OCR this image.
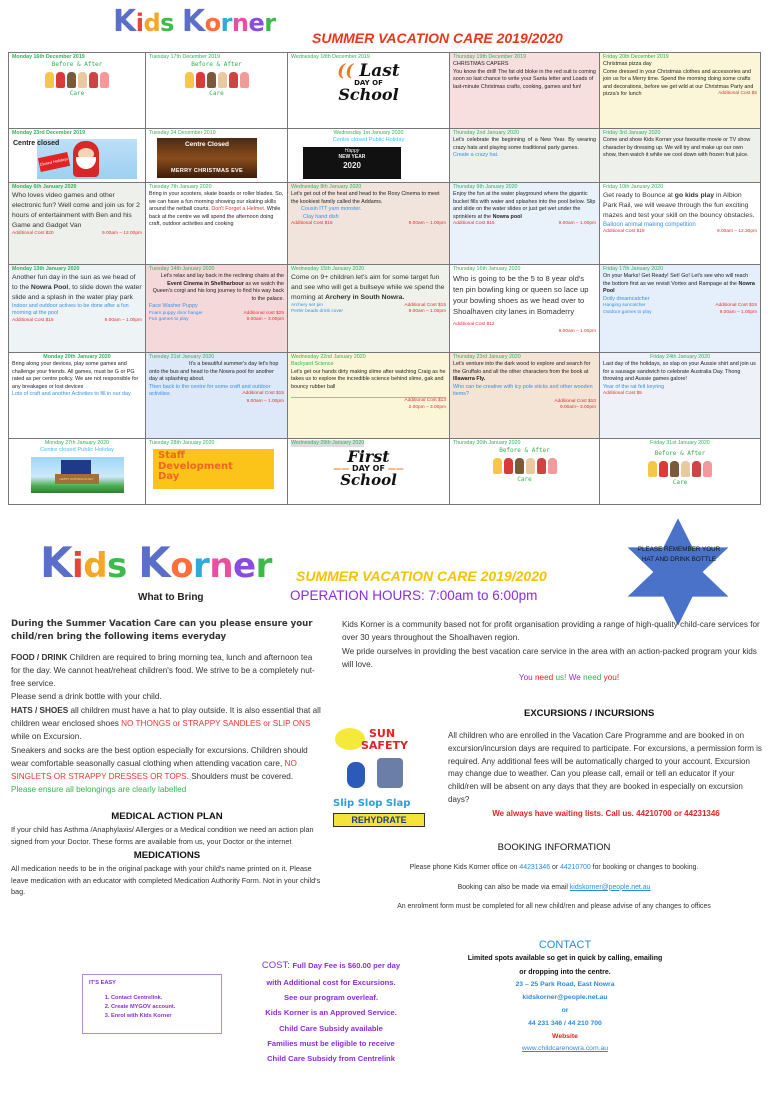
Kids Korner
SUMMER VACATION CARE 2019/2020
Monday 16th December 2019
Before & After
Care

Tuesday 17th December 2019
Before & After
Care

Wednesday 18th December 2019
(( Last
DAY OF
School

Thursday 19th December 2019
CHRISTMAS CAPERS
You know the drill! The fat old bloke in the red suit is coming soon so last chance to write your Santa letter and Loads of last-minute Christmas crafts, cooking, games and fun!

Friday 20th December 2019
Christmas pizza day
Come dressed in your Christmas clothes and accessories and join us for a Merry time. Spend the morning doing some crafts and decorations, before we get wild at our Christmas Party and pizza's for lunch	Additional Cost $5

Monday 23rd December 2019
Centre closed
Closed Holidays

Tuesday 24 December 2019
Centre Closed
MERRY CHRISTMAS EVE

Wednesday 1st January 2020
Centre closed Public Holiday
Happy
NEW YEAR
2020

Thursday 2nd January 2020
Let's celebrate the beginning of a New Year. By wearing crazy hats and playing some traditional party games.
Create a crazy hat.

Friday 3rd January 2020
Come and show Kids Korner your favourite movie or TV show character by dressing up. We will try and make up our own show, then watch it while we cool down with frozen fruit juice.

Monday 6th January 2020
Who loves video games and other electronic fun? Well come and join us for 2 hours of entertainment with Ben and his Game and Gadget Van
Additional Cost $20	9.00am – 12.00pm

Tuesday 7th January 2020
Bring in your scooters, skate boards or roller blades. So, we can have a fun morning showing our skating skills around the netball courts. Don't Forget a Helmet. While back at the centre we will spend the afternoon doing craft, outdoor activities and cooking

Wednesday 8th January 2020
Let's get out of the heat and head to the Roxy Cinema to meet the kookiest family called the Addams.
Cousin ITT yarn monster.
Clay hand dish
Additional Cost $18	9.00am – 1.00pm

Thursday 9th January 2020
Enjoy the fun at the water playground where the gigantic bucket fills with water and splashes into the pool below. Slip and slide on the water slides or just get wet under the sprinklers at the Nowra pool
Additional Cost $15	9.00am – 1.00pm

Friday 10th January 2020
Get ready to Bounce at go kids play in Albion Park Rail, we will weave through the fun exciting mazes and test your skill on the bouncy obstacles.
Balloon animal making competition
Additional Cost $18	9.00am – 12.30pm

Monday 13th January 2020
Another fun day in the sun as we head of to the Nowra Pool, to slide down the water slide and a splash in the water play park
Indoor and outdoor actives to be done after a fun morning at the pool
Additional Cost $15	9.00am – 1.00pm

Tuesday 14th January 2020
Let's relax and lay back in the reclining chairs at the Event Cinema in Shellharbour as we watch the Queen's corgi and his long journey to find his way back to the palace.
Face Washer Puppy
Foam puppy door hanger	Additional cost $25
Fun games to play	9.00am – 3.00pm

Wednesday 15th January 2020
Come on 9+ children let's aim for some target fun and see who will get a bullseye while we spend the morning at Archery in South Nowra.
Archery set pin	Additional Cost $15
Perler beads drink cover	9.00am – 1.00pm

Thursday 16th January 2020
Who is going to be the 5 to 8 year old's ten pin bowling king or queen so lace up your bowling shoes as we head over to Shoalhaven city lanes in Bomaderry Additional Cost $12
9.00am – 1.00pm

Friday 17th January 2020
On your Marks! Get Ready! Set! Go! Let's see who will reach the bottom first as we revisit Vortex and Rampage at the Nowra Pool
Doily dreamcatcher
Hanging suncatcher	Additional Cost $15
Outdoor games to play	9.00am – 1.00pm

Monday 20th January 2020
Bring along your devices, play some games and challenge your friends. All games, must be G or PG rated as per centre policy. We are not responsible for any breakages or lost devices
Lots of craft and another Activities to fill in our day.

Tuesday 21st January 2020
It's a beautiful summer's day let's hop onto the bus and head to the Nowra pool for another day at splashing about.
Then back to the centre for some craft and outdoor activities	Additional Cost $15
9.00am – 1.00pm

Wednesday 22nd January 2020
Backyard Science
Let's get our hands dirty making slime after watching Craig as he takes us to explore the incredible science behind slime, gak and bouncy rubber ball
Additional Cost $13
2.00pm – 3.00pm

Thursday 23rd January 2020
Let's venture into the dark wood to explore and search for the Gruffalo and all the other characters from the book at Illawarra Fly.
Who can be creative with icy pole sticks and other wooden items?
Additional Cost $10
9.00am– 3.00pm

Friday 24th January 2020
Last day of the holidays, so slap on your Aussie shirt and join us for a sausage sandwich to celebrate Australia Day. Thong throwing and Aussie games galore!
Year of the rat felt keyring
Additional Cost $5

Monday 27th January 2020
Centre closed Public Holiday
HAPPY AUSTRALIA DAY

Tuesday 28th January 2020
Staff
Development
Day
	Wednesday 29th January 2020
First
—— DAY OF ——
School

Thursday 30th January 2020
Before & After
Care

Friday 31st January 2020
Before & After
Care
Kids Korner SUMMER VACATION CARE 2019/2020
What to Bring	OPERATION HOURS: 7:00am to 6:00pm
PLEASE REMEMBER YOUR HAT AND DRINK BOTTLE
During the Summer Vacation Care can you please ensure your child/ren bring the following items everyday
FOOD / DRINK Children are required to bring morning tea, lunch and afternoon tea for the day. We cannot heat/reheat children's food. We strive to be a completely nut-free service.
Please send a drink bottle with your child.
HATS / SHOES all children must have a hat to play outside. It is also essential that all children wear enclosed shoes NO THONGS or STRAPPY SANDLES or SLIP ONS while on Excursion.
Sneakers and socks are the best option especially for excursions. Children should wear comfortable seasonally casual clothing when attending vacation care, NO SINGLETS OR STRAPPY DRESSES OR TOPS. Shoulders must be covered.
Please ensure all belongings are clearly labelled
MEDICAL ACTION PLAN
If your child has Asthma /Anaphylaxis/ Allergies or a Medical condition we need an action plan signed from your Doctor. These forms are available from us, your Doctor or the internet
MEDICATIONS
All medication needs to be in the original package with your child's name printed on it. Please leave medication with an educator with completed Medication Authority Form. Not in your child's bag.
IT'S EASY
1. Contact Centrelink.
2. Create MYGOV account.
3. Enrol with Kids Korner
COST: Full Day Fee is $60.00 per day
with Additional cost for Excursions.
See our program overleaf.
Kids Korner is an Approved Service.
Child Care Subsidy available
Families must be eligible to receive
Child Care Subsidy from Centrelink
Kids Korner is a community based not for profit organisation providing a range of high-quality child-care services for over 30 years throughout the Shoalhaven region.
We pride ourselves in providing the best vacation care service in the area with an action-packed program your kids will love.
You need us! We need you!
EXCURSIONS / INCURSIONS
SUN
SAFETY
Slip Slop Slap
REHYDRATE
All children who are enrolled in the Vacation Care Programme and are booked in on excursion/incursion days are required to participate. For excursions, a permission form is required. Any additional fees will be automatically charged to your account. Excursion may change due to weather. Can you please call, email or tell an educator if your child/ren will be absent on any days that they are booked in especially on excursion days?
We always have waiting lists. Call us. 44210700 or 44231346
BOOKING INFORMATION

Please phone Kids Korner office on 44231346 or 44210700 for booking or changes to booking.

Booking can also be made via email kidskorner@people.net.au

An enrolment form must be completed for all new child/ren and please advise of any changes to offices

CONTACT
Limited spots available so get in quick by calling, emailing
or dropping into the centre.
23 – 25 Park Road, East Nowra
kidskorner@people.net.au
or
44 231 346 / 44 210 700
Website
www.childcarenowra.com.au
